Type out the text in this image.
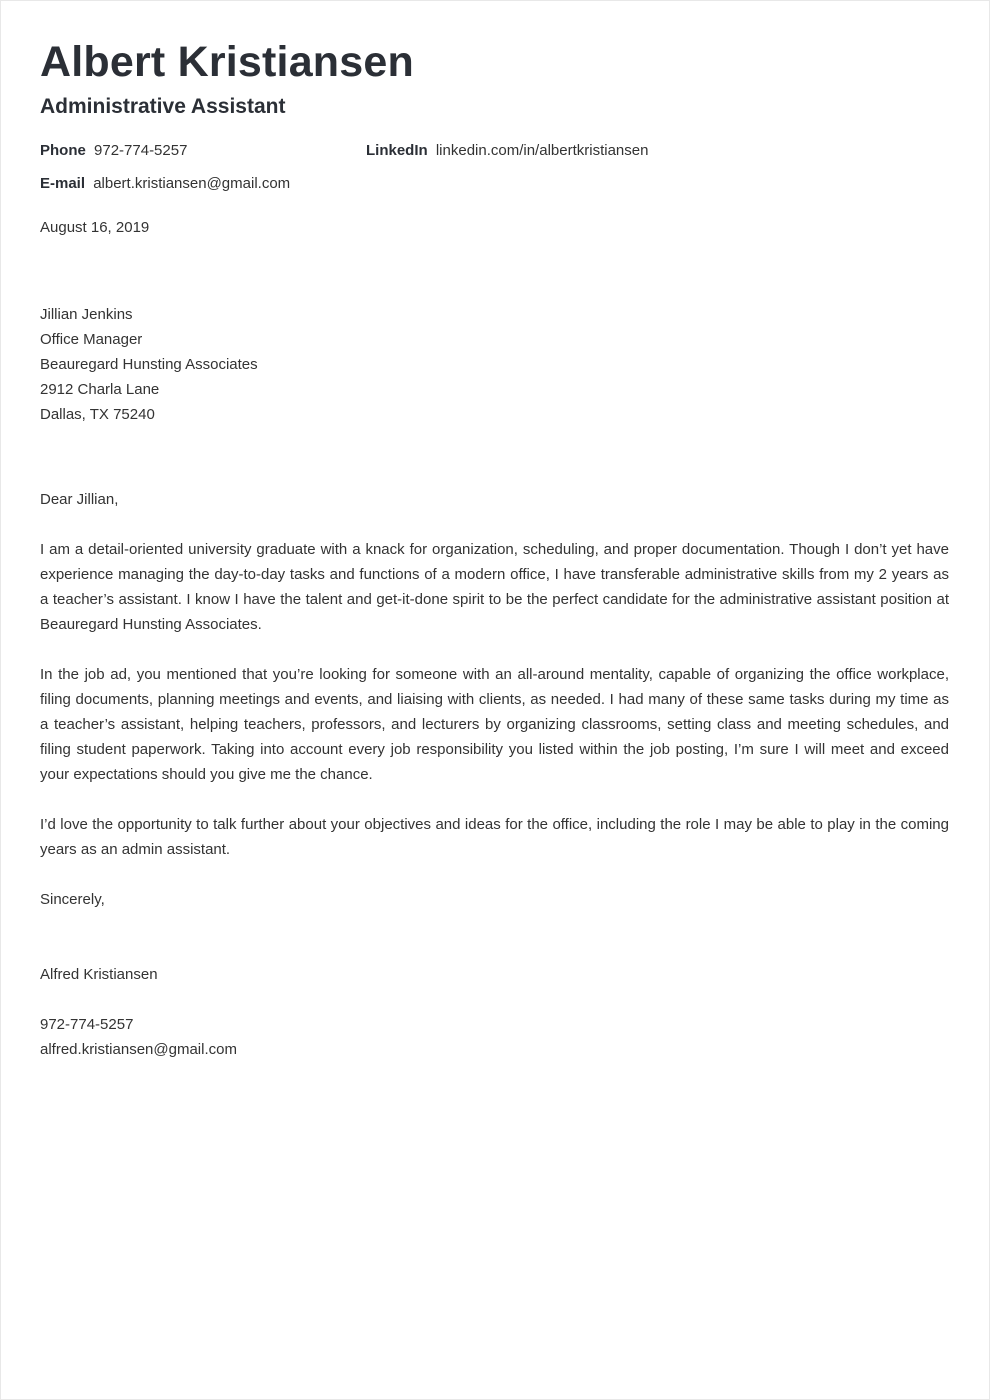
Albert Kristiansen
Administrative Assistant
Phone 972-774-5257	LinkedIn linkedin.com/in/albertkristiansen
E-mail albert.kristiansen@gmail.com
August 16, 2019
Jillian Jenkins
Office Manager
Beauregard Hunsting Associates
2912 Charla Lane
Dallas, TX 75240

Dear Jillian,

I am a detail-oriented university graduate with a knack for organization, scheduling, and proper documentation. Though I don’t yet have experience managing the day-to-day tasks and functions of a modern office, I have transferable administrative skills from my 2 years as a teacher’s assistant. I know I have the talent and get-it-done spirit to be the perfect candidate for the administrative assistant position at Beauregard Hunsting Associates.

In the job ad, you mentioned that you’re looking for someone with an all-around mentality, capable of organizing the office workplace, filing documents, planning meetings and events, and liaising with clients, as needed. I had many of these same tasks during my time as a teacher’s assistant, helping teachers, professors, and lecturers by organizing classrooms, setting class and meeting schedules, and filing student paperwork. Taking into account every job responsibility you listed within the job posting, I’m sure I will meet and exceed your expectations should you give me the chance.

I’d love the opportunity to talk further about your objectives and ideas for the office, including the role I may be able to play in the coming years as an admin assistant.

Sincerely,

Alfred Kristiansen

972-774-5257
alfred.kristiansen@gmail.com
